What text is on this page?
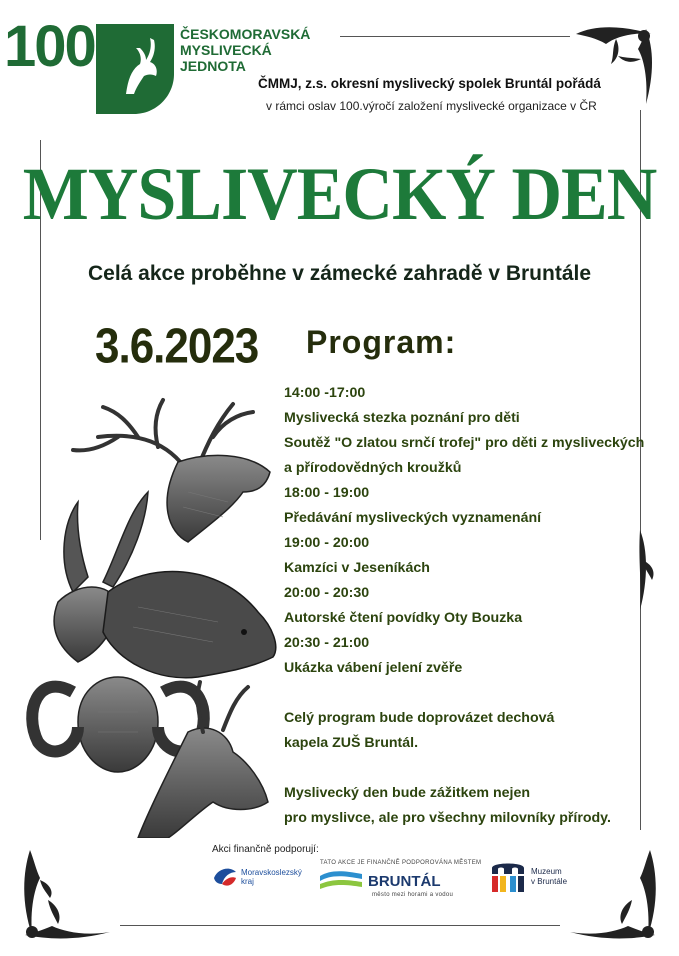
100	ČESKOMORAVSKÁ
MYSLIVECKÁ
JEDNOTA
ČMMJ, z.s. okresní myslivecký spolek Bruntál pořádá
v rámci oslav 100.výročí založení myslivecké organizace v ČR
MYSLIVECKÝ DEN
Celá akce proběhne v zámecké zahradě v Bruntále
3.6.2023 Program:
14:00 -17:00
Myslivecká stezka poznání pro děti
Soutěž "O zlatou srnčí trofej" pro děti z mysliveckých
a přírodovědných kroužků
18:00 - 19:00
Předávání mysliveckých vyznamenání
19:00 - 20:00
Kamzíci v Jeseníkách
20:00 - 20:30
Autorské čtení povídky Oty Bouzka
20:30 - 21:00
Ukázka vábení jelení zvěře
Celý program bude doprovázet dechová
kapela ZUŠ Bruntál.
Myslivecký den bude zážitkem nejen
pro myslivce, ale pro všechny milovníky přírody.
Akci finančně podporují:
Moravskoslezský
kraj
TATO AKCE JE FINANČNĚ PODPOROVÁNA MĚSTEM
BRUNTÁL
město mezi horami a vodou
Muzeum
v Bruntále
